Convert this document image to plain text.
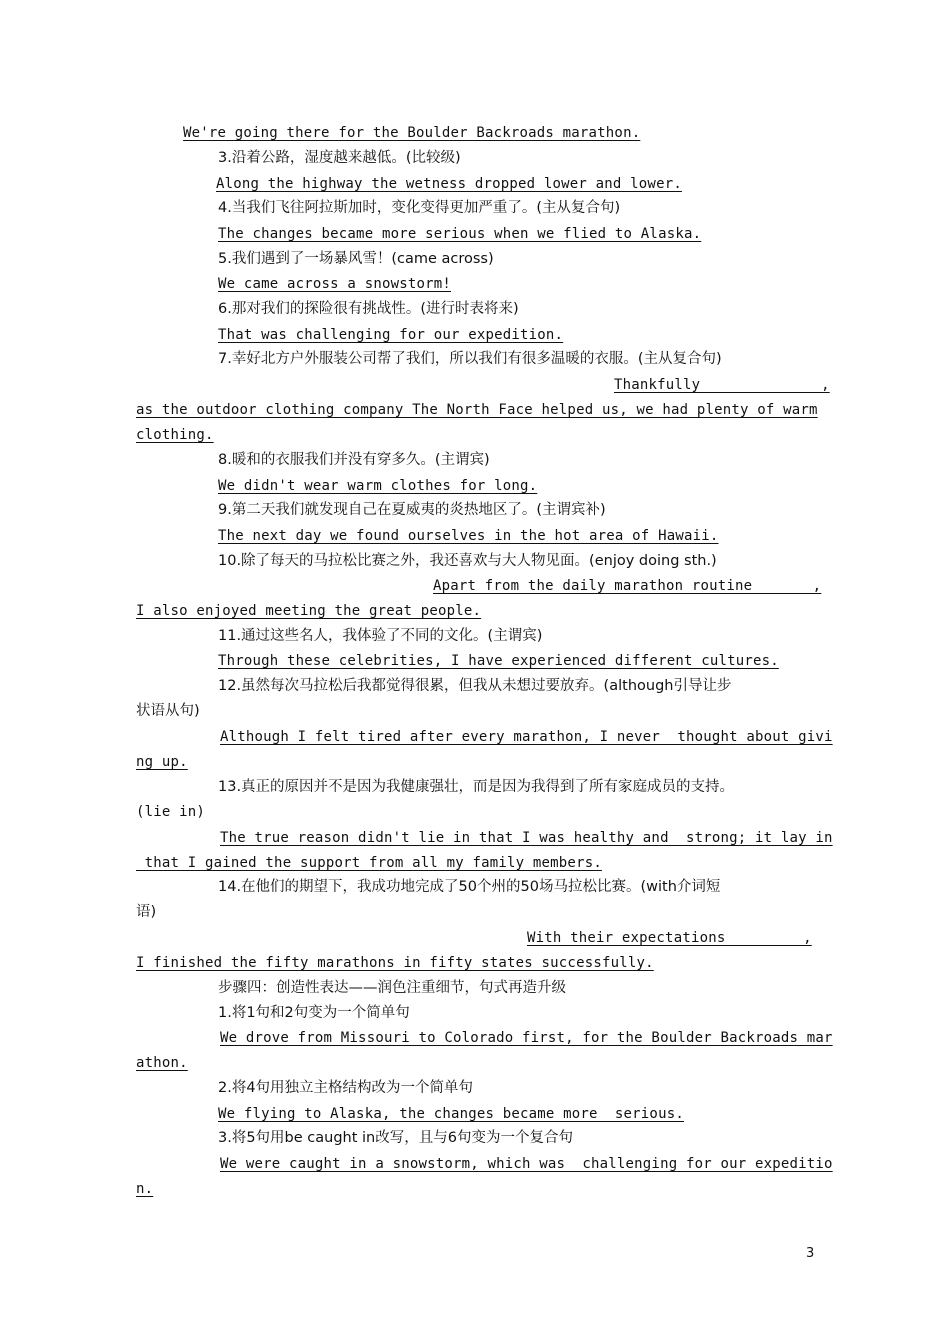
We're going there for the Boulder Backroads marathon.
3.沿着公路，湿度越来越低。(比较级)
Along the highway the wetness dropped lower and lower.
4.当我们飞往阿拉斯加时，变化变得更加严重了。(主从复合句)
The changes became more serious when we flied to Alaska.
5.我们遇到了一场暴风雪！(came across)
We came across a snowstorm!
6.那对我们的探险很有挑战性。(进行时表将来)
That was challenging for our expedition.
7.幸好北方户外服装公司帮了我们，所以我们有很多温暖的衣服。(主从复合句)
Thankfully              ,
as the outdoor clothing company The North Face helped us, we had plenty of warm
clothing.
8.暖和的衣服我们并没有穿多久。(主谓宾)
We didn't wear warm clothes for long.
9.第二天我们就发现自己在夏威夷的炎热地区了。(主谓宾补)
The next day we found ourselves in the hot area of Hawaii.
10.除了每天的马拉松比赛之外，我还喜欢与大人物见面。(enjoy doing sth.)
Apart from the daily marathon routine       ,
I also enjoyed meeting the great people.
11.通过这些名人，我体验了不同的文化。(主谓宾)
Through these celebrities, I have experienced different cultures.
12.虽然每次马拉松后我都觉得很累，但我从未想过要放弃。(although引导让步
状语从句)
Although I felt tired after every marathon, I never  thought about givi
ng up.
13.真正的原因并不是因为我健康强壮，而是因为我得到了所有家庭成员的支持。
(lie in)
The true reason didn't lie in that I was healthy and  strong; it lay in
that I gained the support from all my family members.
14.在他们的期望下，我成功地完成了50个州的50场马拉松比赛。(with介词短
语)
With their expectations         ,
I finished the fifty marathons in fifty states successfully.
步骤四：创造性表达——润色注重细节，句式再造升级
1.将1句和2句变为一个简单句
We drove from Missouri to Colorado first, for the Boulder Backroads mar
athon.
2.将4句用独立主格结构改为一个简单句
We flying to Alaska, the changes became more  serious.
3.将5句用be caught in改写，且与6句变为一个复合句
We were caught in a snowstorm, which was  challenging for our expeditio
n.
3
